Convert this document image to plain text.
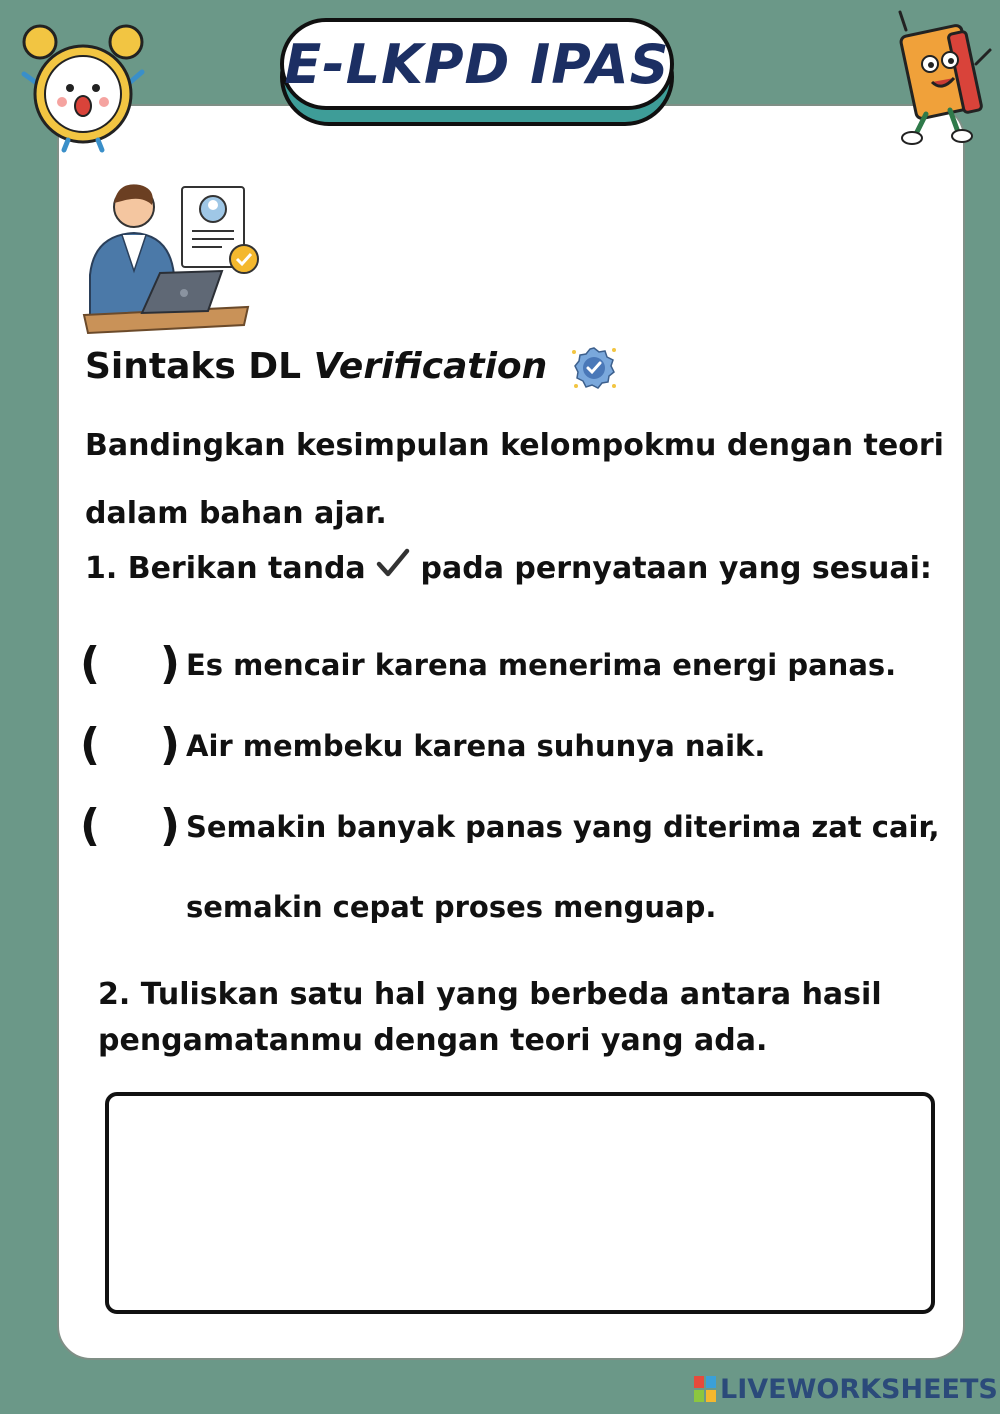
E-LKPD IPAS
Sintaks DL Verification
Bandingkan kesimpulan kelompokmu dengan teori dalam bahan ajar.
1. Berikan tanda  pada pernyataan yang sesuai:
( ) Es mencair karena menerima energi panas.
( ) Air membeku karena suhunya naik.
( ) Semakin banyak panas yang diterima zat cair, semakin cepat proses menguap.
2. Tuliskan satu hal yang berbeda antara hasil pengamatanmu dengan teori yang ada.
LIVEWORKSHEETS
